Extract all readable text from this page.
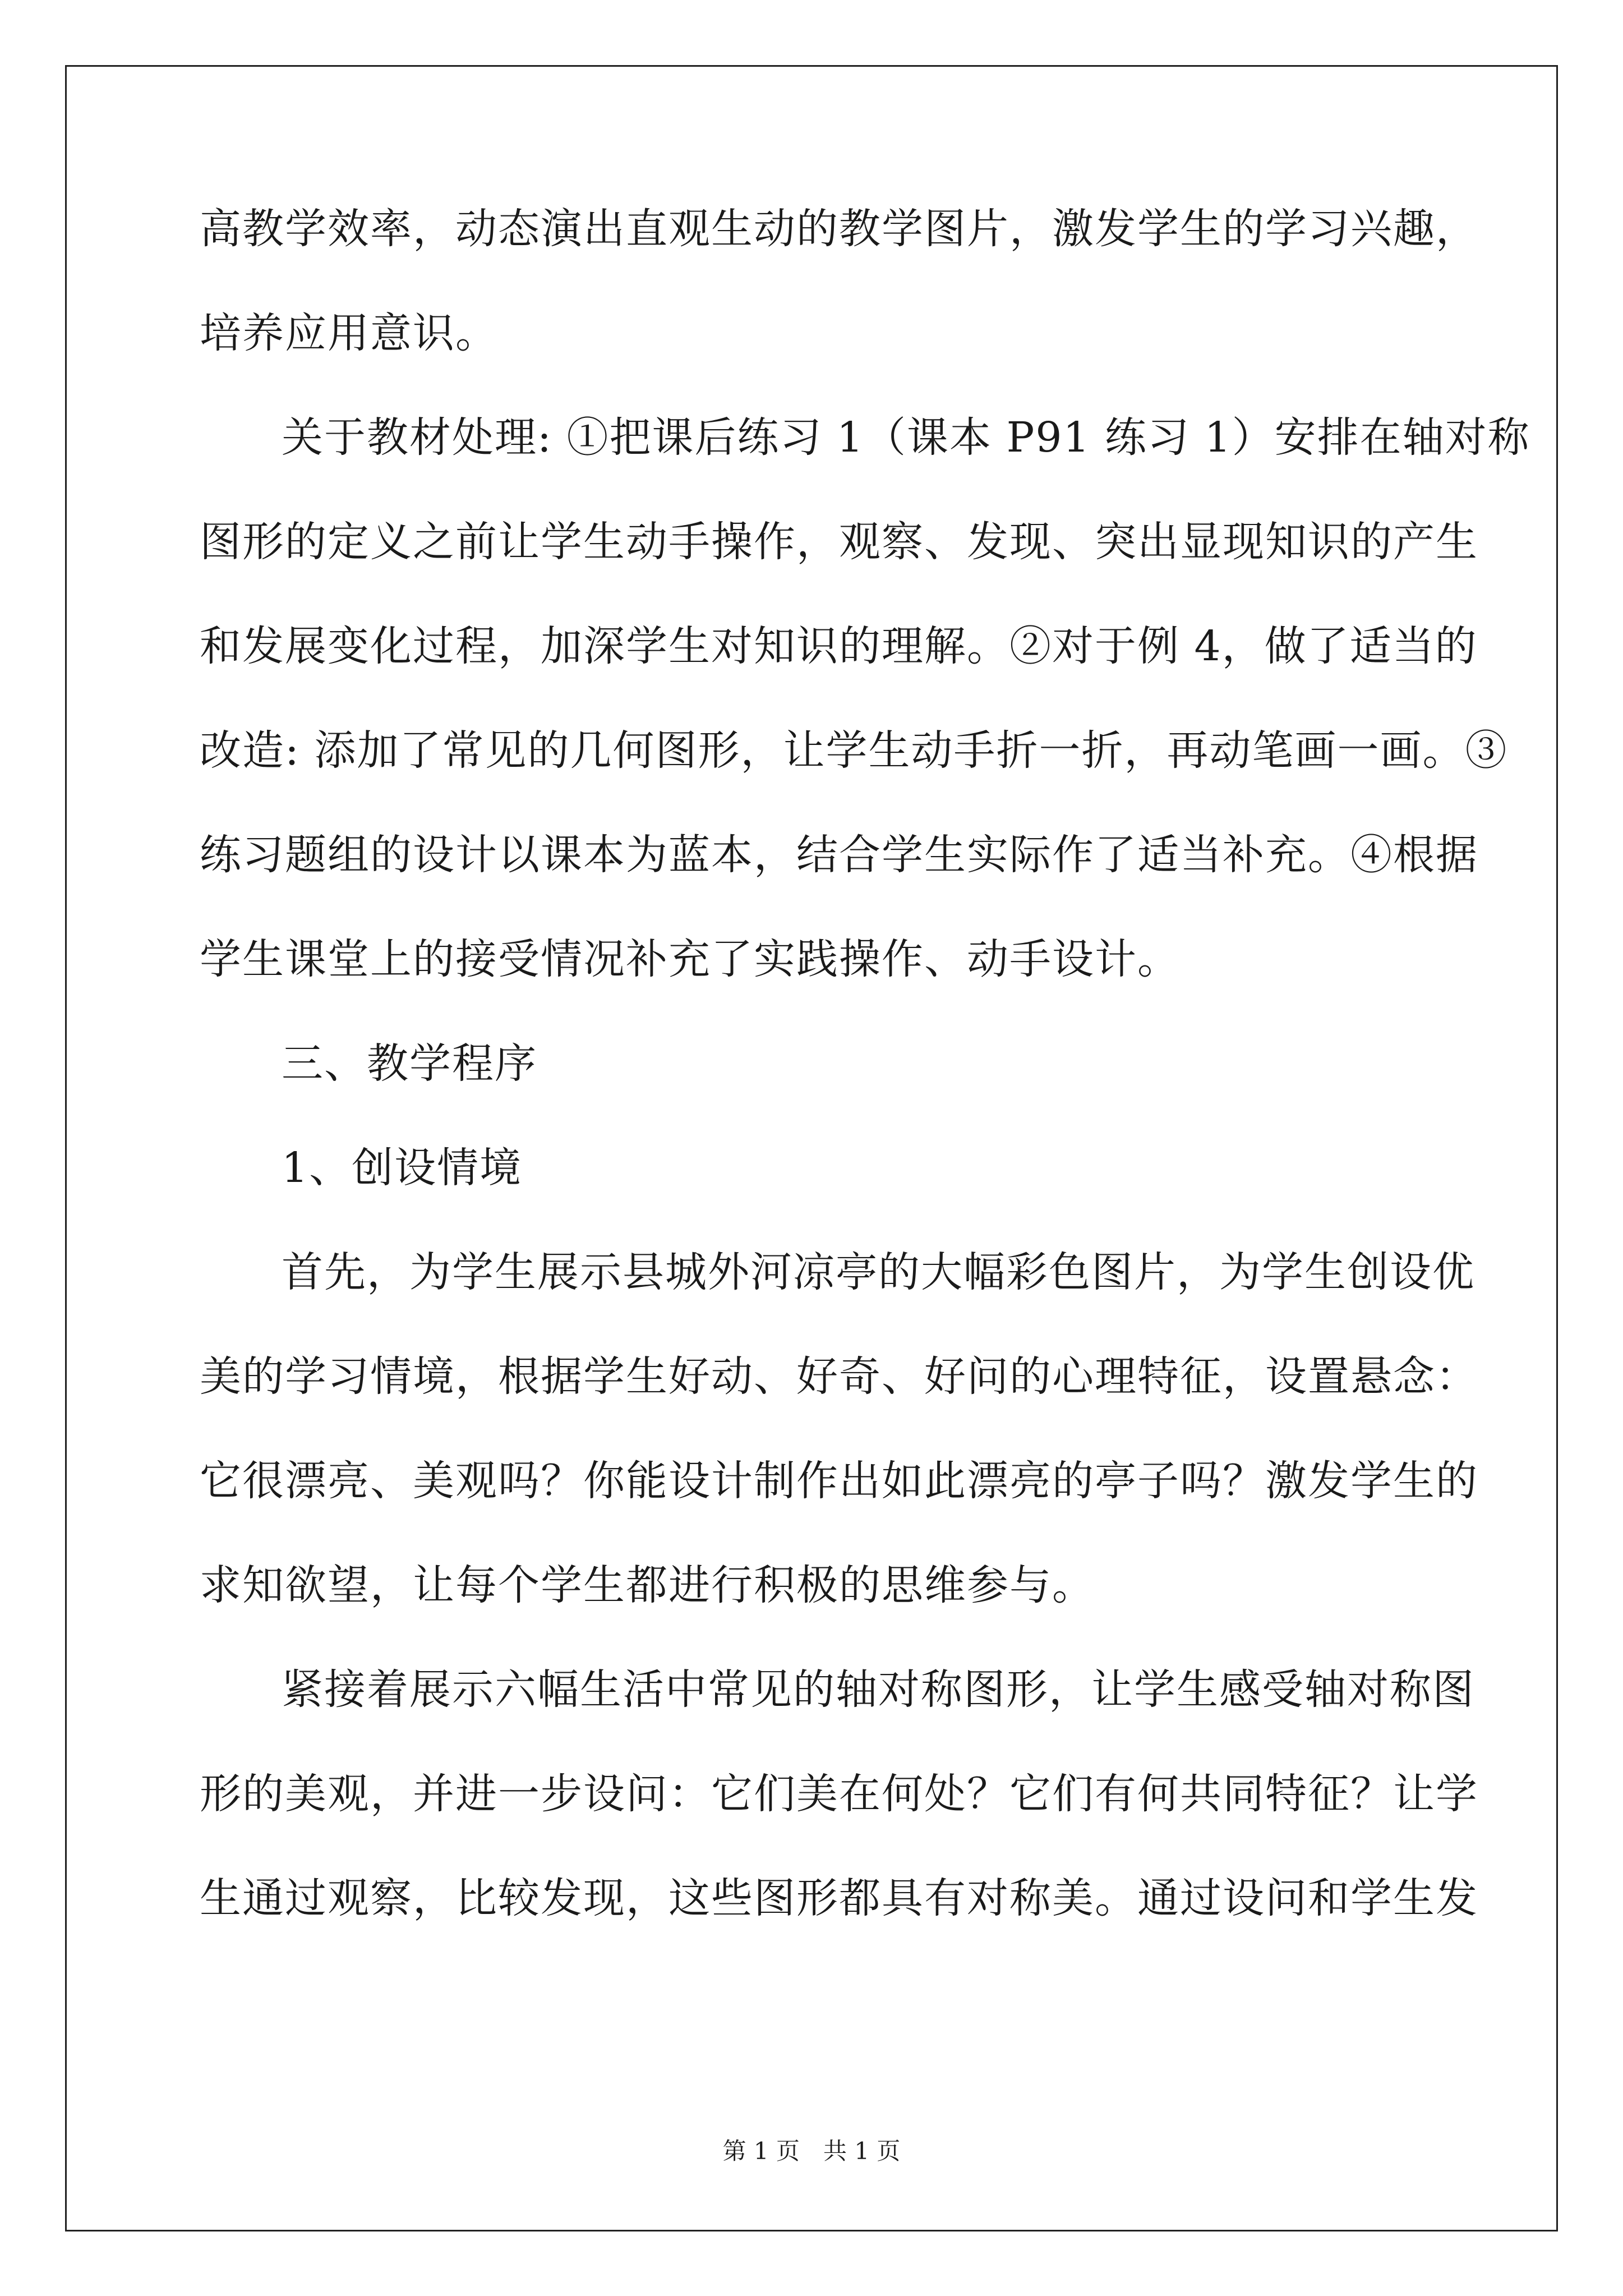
高教学效率，动态演出直观生动的教学图片，激发学生的学习兴趣，
培养应用意识。
关于教材处理: ①把课后练习 1（课本 P91 练习 1）安排在轴对称
图形的定义之前让学生动手操作，观察、发现、突出显现知识的产生
和发展变化过程，加深学生对知识的理解。②对于例 4，做了适当的
改造: 添加了常见的几何图形，让学生动手折一折，再动笔画一画。③
练习题组的设计以课本为蓝本，结合学生实际作了适当补充。④根据
学生课堂上的接受情况补充了实践操作、动手设计。
三、教学程序
1、创设情境
首先，为学生展示县城外河凉亭的大幅彩色图片，为学生创设优
美的学习情境，根据学生好动、好奇、好问的心理特征，设置悬念：
它很漂亮、美观吗？你能设计制作出如此漂亮的亭子吗？激发学生的
求知欲望，让每个学生都进行积极的思维参与。
紧接着展示六幅生活中常见的轴对称图形，让学生感受轴对称图
形的美观，并进一步设问：它们美在何处？它们有何共同特征？让学
生通过观察，比较发现，这些图形都具有对称美。通过设问和学生发
第 1 页　共 1 页
